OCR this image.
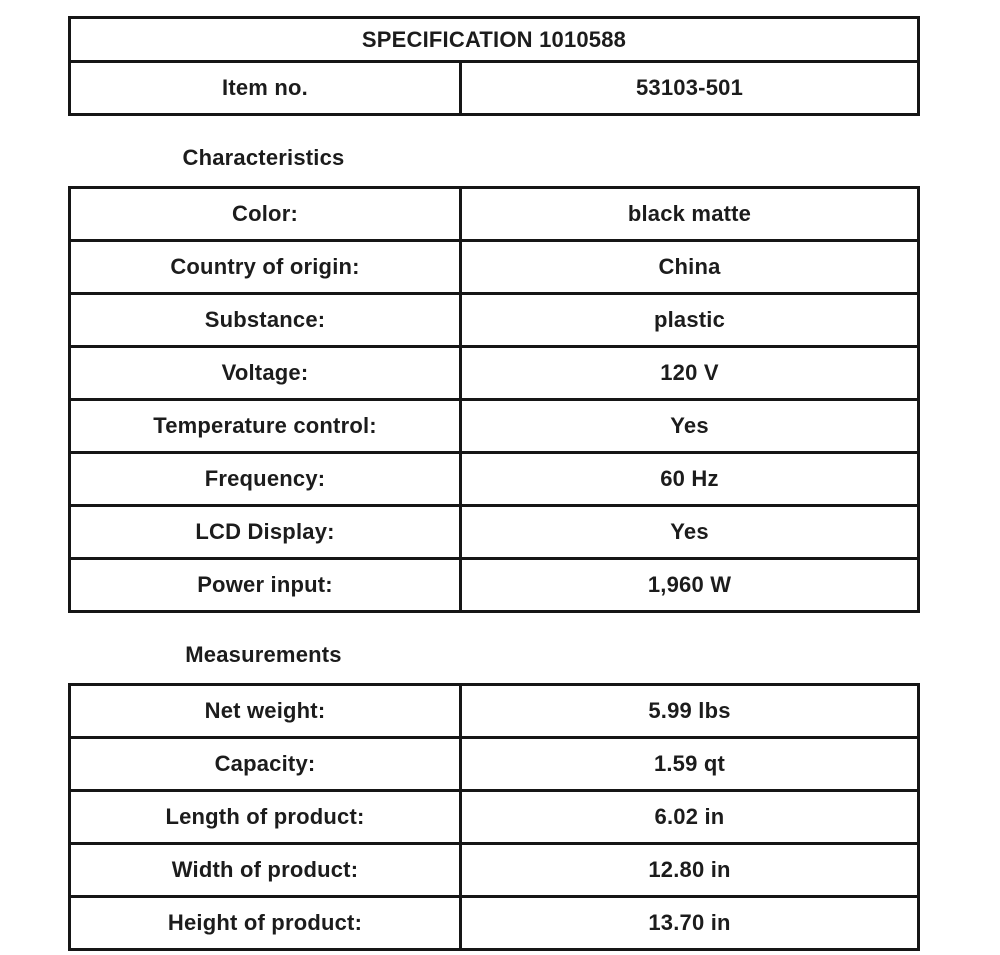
SPECIFICATION 1010588
Item no.	53103-501
Characteristics
Color:	black matte
Country of origin:	China
Substance:	plastic
Voltage:	120 V
Temperature control:	Yes
Frequency:	60 Hz
LCD Display:	Yes
Power input:	1,960 W
Measurements
Net weight:	5.99 lbs
Capacity:	1.59 qt
Length of product:	6.02 in
Width of product:	12.80 in
Height of product:	13.70 in
